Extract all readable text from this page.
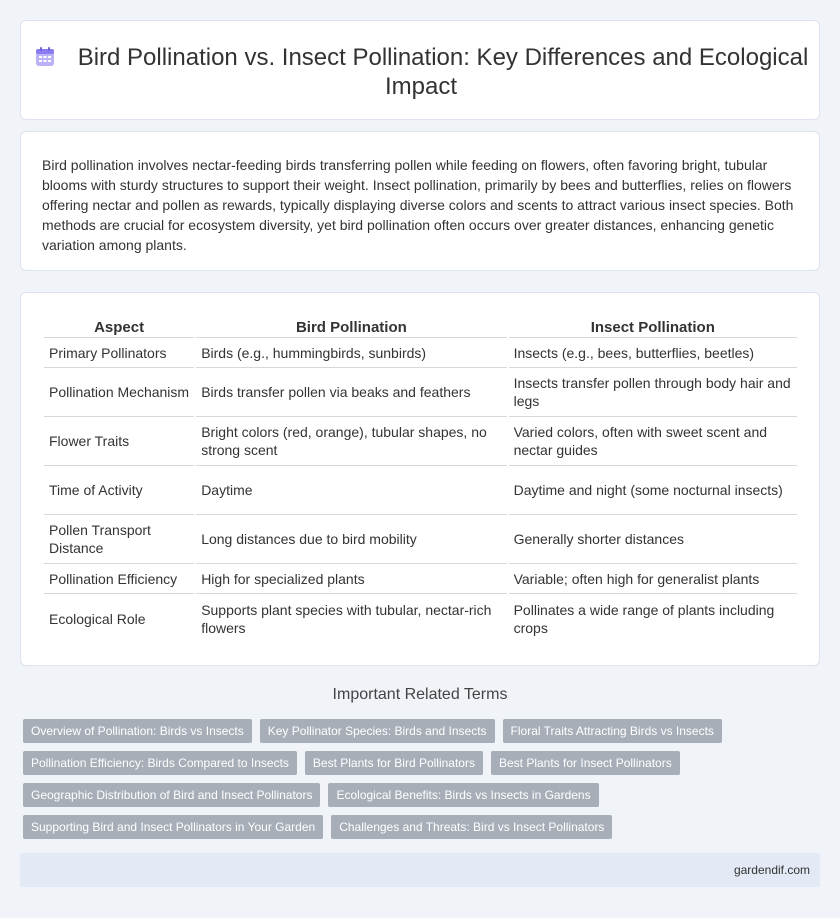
Bird Pollination vs. Insect Pollination: Key Differences and Ecological Impact

Bird pollination involves nectar-feeding birds transferring pollen while feeding on flowers, often favoring bright, tubular blooms with sturdy structures to support their weight. Insect pollination, primarily by bees and butterflies, relies on flowers offering nectar and pollen as rewards, typically displaying diverse colors and scents to attract various insect species. Both methods are crucial for ecosystem diversity, yet bird pollination often occurs over greater distances, enhancing genetic variation among plants.

Aspect	Bird Pollination	Insect Pollination
Primary Pollinators	Birds (e.g., hummingbirds, sunbirds)	Insects (e.g., bees, butterflies, beetles)
Pollination Mechanism	Birds transfer pollen via beaks and feathers	Insects transfer pollen through body hair and legs
Flower Traits	Bright colors (red, orange), tubular shapes, no strong scent	Varied colors, often with sweet scent and nectar guides
Time of Activity	Daytime	Daytime and night (some nocturnal insects)
Pollen Transport Distance	Long distances due to bird mobility	Generally shorter distances
Pollination Efficiency	High for specialized plants	Variable; often high for generalist plants
Ecological Role	Supports plant species with tubular, nectar-rich flowers	Pollinates a wide range of plants including crops
Important Related Terms
Overview of Pollination: Birds vs Insects	Key Pollinator Species: Birds and Insects	Floral Traits Attracting Birds vs Insects
Pollination Efficiency: Birds Compared to Insects	Best Plants for Bird Pollinators	Best Plants for Insect Pollinators
Geographic Distribution of Bird and Insect Pollinators	Ecological Benefits: Birds vs Insects in Gardens
Supporting Bird and Insect Pollinators in Your Garden	Challenges and Threats: Bird vs Insect Pollinators
gardendif.com
